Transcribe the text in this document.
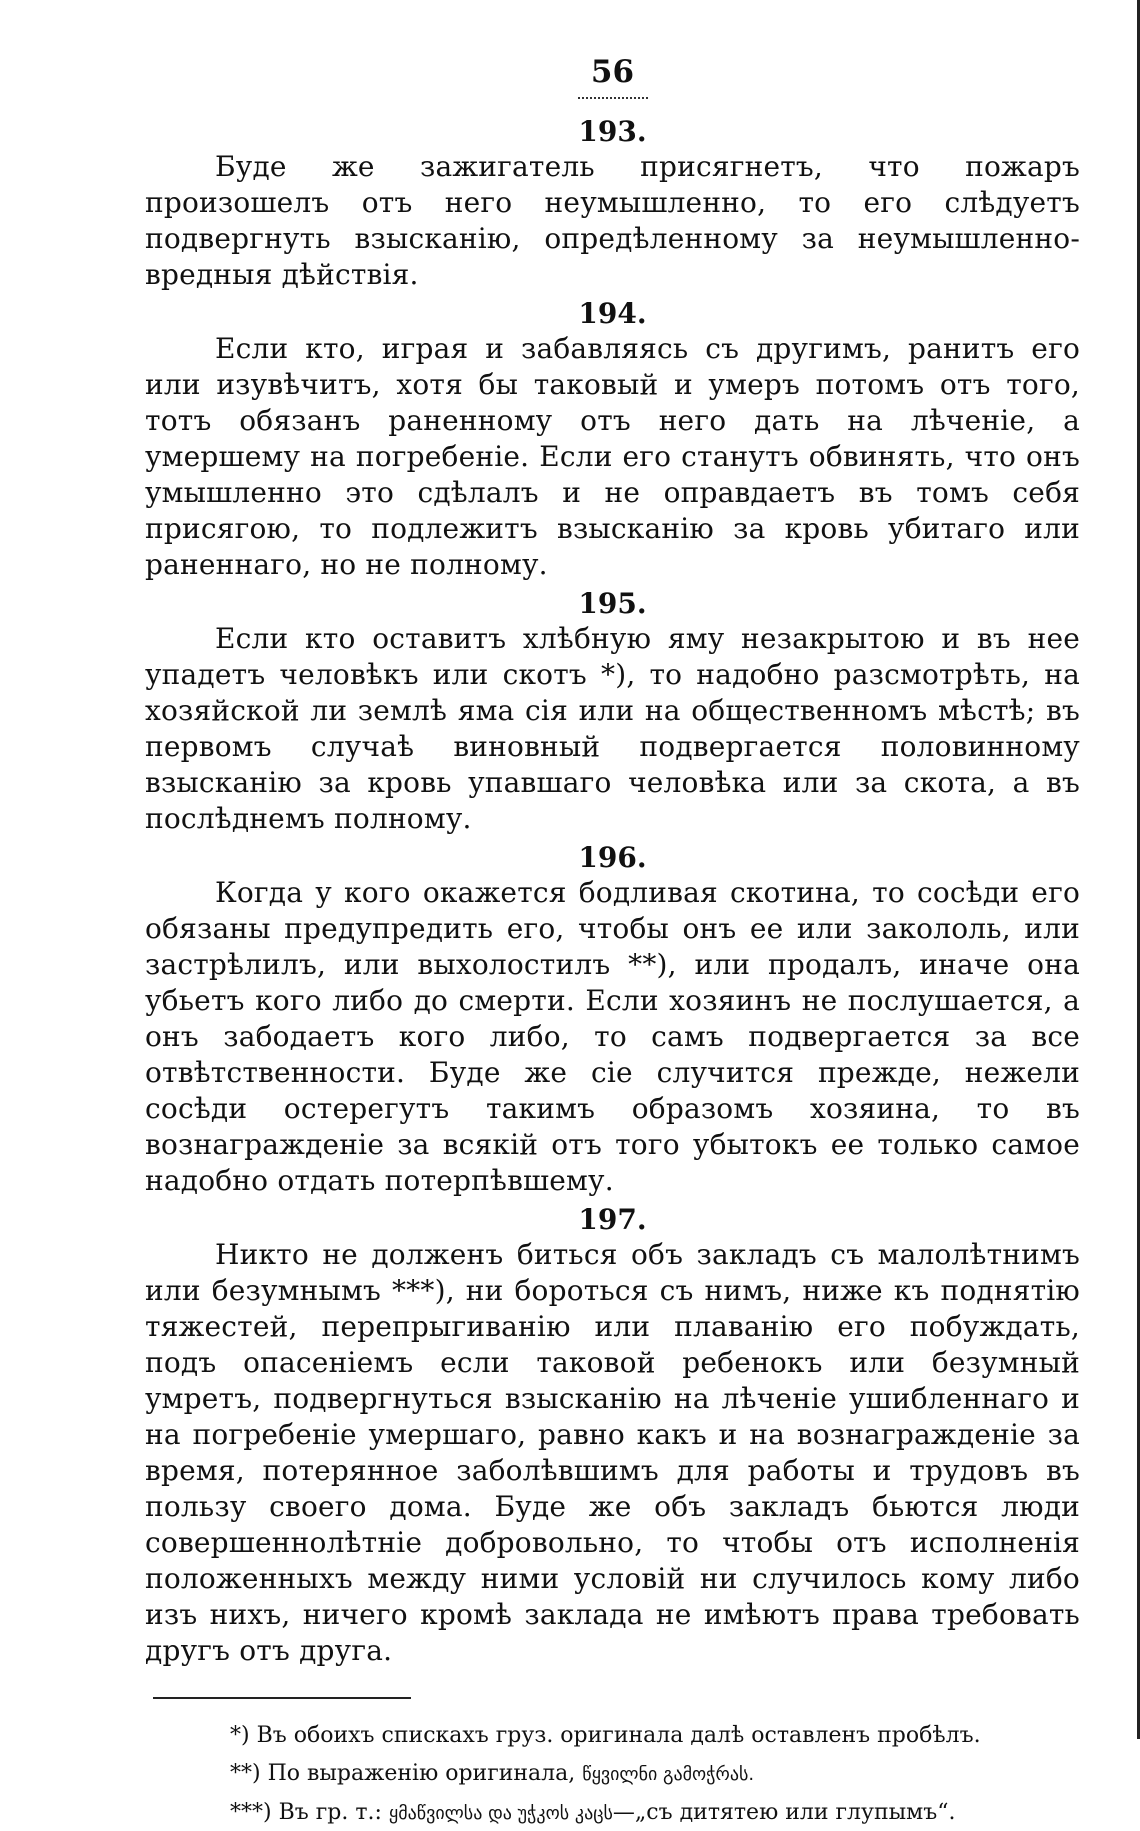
56
193.

Буде же зажигатель присягнетъ, что пожаръ произошелъ отъ него неумышленно, то его слѣдуетъ подвергнуть взысканію, опредѣленному за неумышленно-вредныя дѣйствія.

194.

Если кто, играя и забавляясь съ другимъ, ранитъ его или изувѣчитъ, хотя бы таковый и умеръ потомъ отъ того, тотъ обязанъ раненному отъ него дать на лѣченіе, а умершему на погребеніе. Если его станутъ обвинять, что онъ умышленно это сдѣлалъ и не оправдаетъ въ томъ себя присягою, то подлежитъ взысканію за кровь убитаго или раненнаго, но не полному.

195.

Если кто оставитъ хлѣбную яму незакрытою и въ нее упадетъ человѣкъ или скотъ *), то надобно разсмотрѣть, на хозяйской ли землѣ яма сія или на общественномъ мѣстѣ; въ первомъ случаѣ виновный подвергается половинному взысканію за кровь упавшаго человѣка или за скота, а въ послѣднемъ полному.

196.

Когда у кого окажется бодливая скотина, то сосѣди его обязаны предупредить его, чтобы онъ ее или закололь, или застрѣлилъ, или выхолостилъ **), или продалъ, иначе она убьетъ кого либо до смерти. Если хозяинъ не послушается, а онъ забодаетъ кого либо, то самъ подвергается за все отвѣтственности. Буде же сіе случится прежде, нежели сосѣди остерегутъ такимъ образомъ хозяина, то въ вознагражденіе за всякій отъ того убытокъ ее только самое надобно отдать потерпѣвшему.

197.

Никто не долженъ биться объ закладъ съ малолѣтнимъ или безумнымъ ***), ни бороться съ нимъ, ниже къ поднятію тяжестей, перепрыгиванію или плаванію его побуждать, подъ опасеніемъ если таковой ребенокъ или безумный умретъ, подвергнуться взысканію на лѣченіе ушибленнаго и на погребеніе умершаго, равно какъ и на вознагражденіе за время, потерянное заболѣвшимъ для работы и трудовъ въ пользу своего дома. Буде же объ закладъ бьются люди совершеннолѣтніе добровольно, то чтобы отъ исполненія положенныхъ между ними условій ни случилось кому либо изъ нихъ, ничего кромѣ заклада не имѣютъ права требовать другъ отъ друга.

*) Въ обоихъ спискахъ груз. оригинала далѣ оставленъ пробѣлъ.
**) По выраженію оригинала, წყვილნი გამოჭრას.
***) Въ гр. т.: ყმაწვილსა და უჭკოს კაცს—„съ дитятею или глупымъ“.
